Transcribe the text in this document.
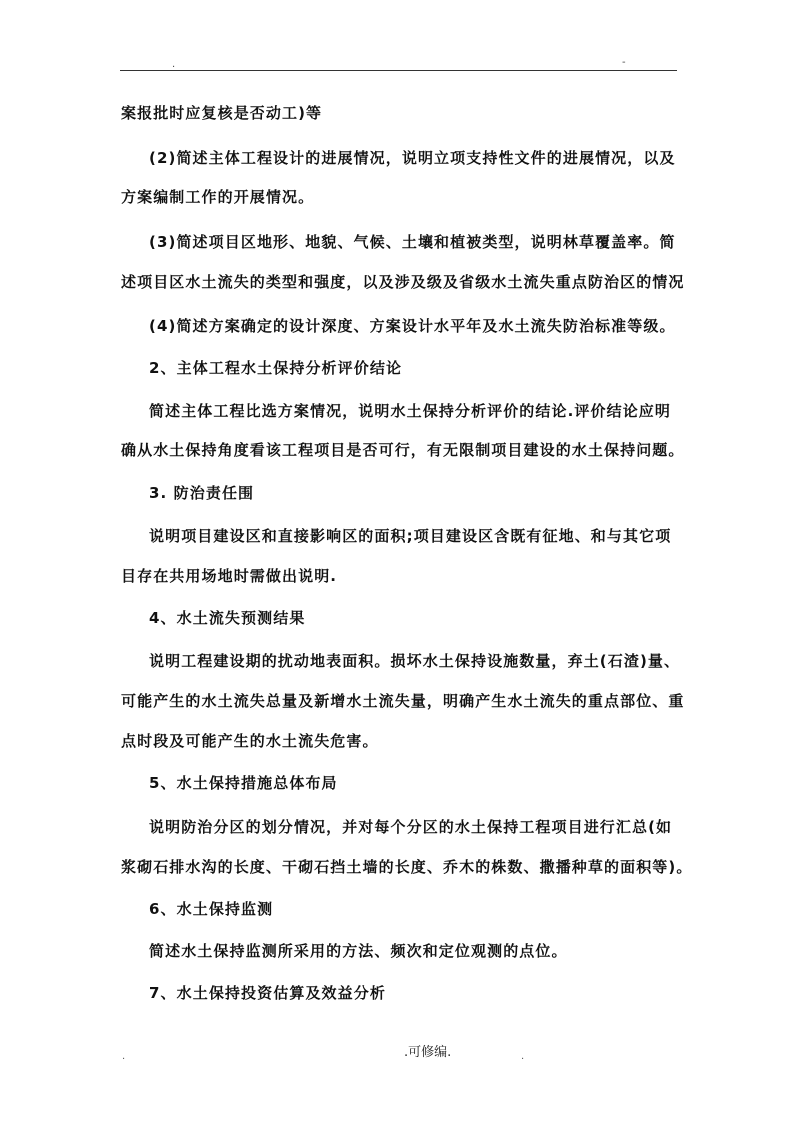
.	-
案报批时应复核是否动工)等
(2)简述主体工程设计的进展情况，说明立项支持性文件的进展情况，以及
方案编制工作的开展情况。
(3)简述项目区地形、地貌、气候、土壤和植被类型，说明林草覆盖率。简
述项目区水土流失的类型和强度，以及涉及级及省级水土流失重点防治区的情况
(4)简述方案确定的设计深度、方案设计水平年及水土流失防治标准等级。
2、主体工程水土保持分析评价结论
简述主体工程比选方案情况，说明水土保持分析评价的结论.评价结论应明
确从水土保持角度看该工程项目是否可行，有无限制项目建设的水土保持问题。
3. 防治责任围
说明项目建设区和直接影响区的面积;项目建设区含既有征地、和与其它项
目存在共用场地时需做出说明.
4、水土流失预测结果
说明工程建设期的扰动地表面积。损坏水土保持设施数量，弃土(石渣)量、
可能产生的水土流失总量及新增水土流失量，明确产生水土流失的重点部位、重
点时段及可能产生的水土流失危害。
5、水土保持措施总体布局
说明防治分区的划分情况，并对每个分区的水土保持工程项目进行汇总(如
浆砌石排水沟的长度、干砌石挡土墙的长度、乔木的株数、撒播种草的面积等)。
6、水土保持监测
简述水土保持监测所采用的方法、频次和定位观测的点位。
7、水土保持投资估算及效益分析
.	.可修编.	.
